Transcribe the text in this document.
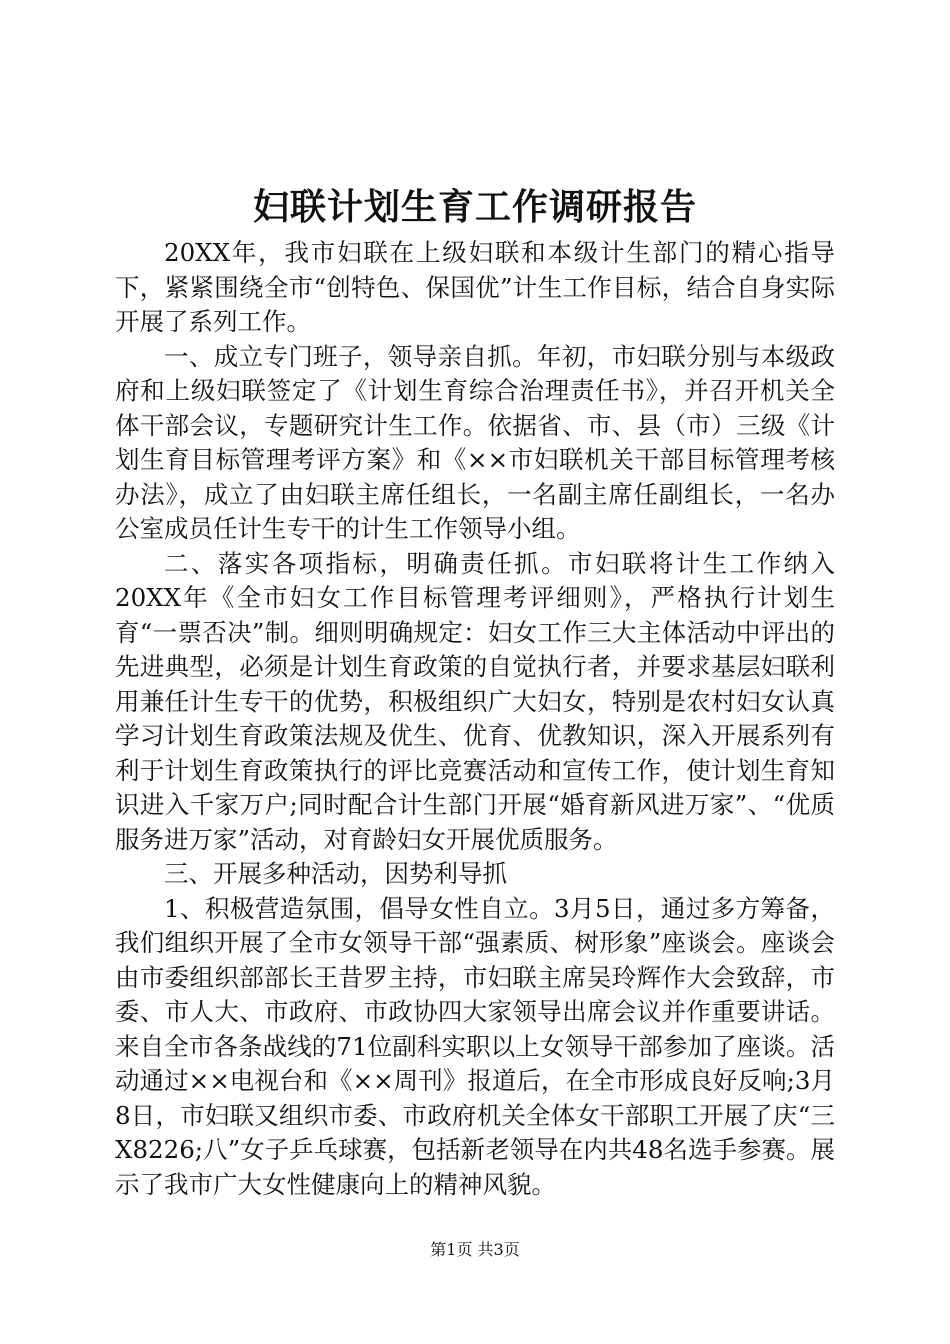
妇联计划生育工作调研报告

20XX年，我市妇联在上级妇联和本级计生部门的精心指导下，紧紧围绕全市“创特色、保国优”计生工作目标，结合自身实际开展了系列工作。

一、成立专门班子，领导亲自抓。年初，市妇联分别与本级政府和上级妇联签定了《计划生育综合治理责任书》，并召开机关全体干部会议，专题研究计生工作。依据省、市、县（市）三级《计划生育目标管理考评方案》和《××市妇联机关干部目标管理考核办法》，成立了由妇联主席任组长，一名副主席任副组长，一名办公室成员任计生专干的计生工作领导小组。

二、落实各项指标，明确责任抓。市妇联将计生工作纳入20XX年《全市妇女工作目标管理考评细则》，严格执行计划生育“一票否决”制。细则明确规定：妇女工作三大主体活动中评出的先进典型，必须是计划生育政策的自觉执行者，并要求基层妇联利用兼任计生专干的优势，积极组织广大妇女，特别是农村妇女认真学习计划生育政策法规及优生、优育、优教知识，深入开展系列有利于计划生育政策执行的评比竞赛活动和宣传工作，使计划生育知识进入千家万户;同时配合计生部门开展“婚育新风进万家”、“优质服务进万家”活动，对育龄妇女开展优质服务。

三、开展多种活动，因势利导抓

1、积极营造氛围，倡导女性自立。3月5日，通过多方筹备，我们组织开展了全市女领导干部“强素质、树形象”座谈会。座谈会由市委组织部部长王昔罗主持，市妇联主席吴玲辉作大会致辞，市委、市人大、市政府、市政协四大家领导出席会议并作重要讲话。来自全市各条战线的71位副科实职以上女领导干部参加了座谈。活动通过××电视台和《××周刊》报道后，在全市形成良好反响;3月8日，市妇联又组织市委、市政府机关全体女干部职工开展了庆“三X8226;八”女子乒乓球赛，包括新老领导在内共48名选手参赛。展示了我市广大女性健康向上的精神风貌。

第1页 共3页
